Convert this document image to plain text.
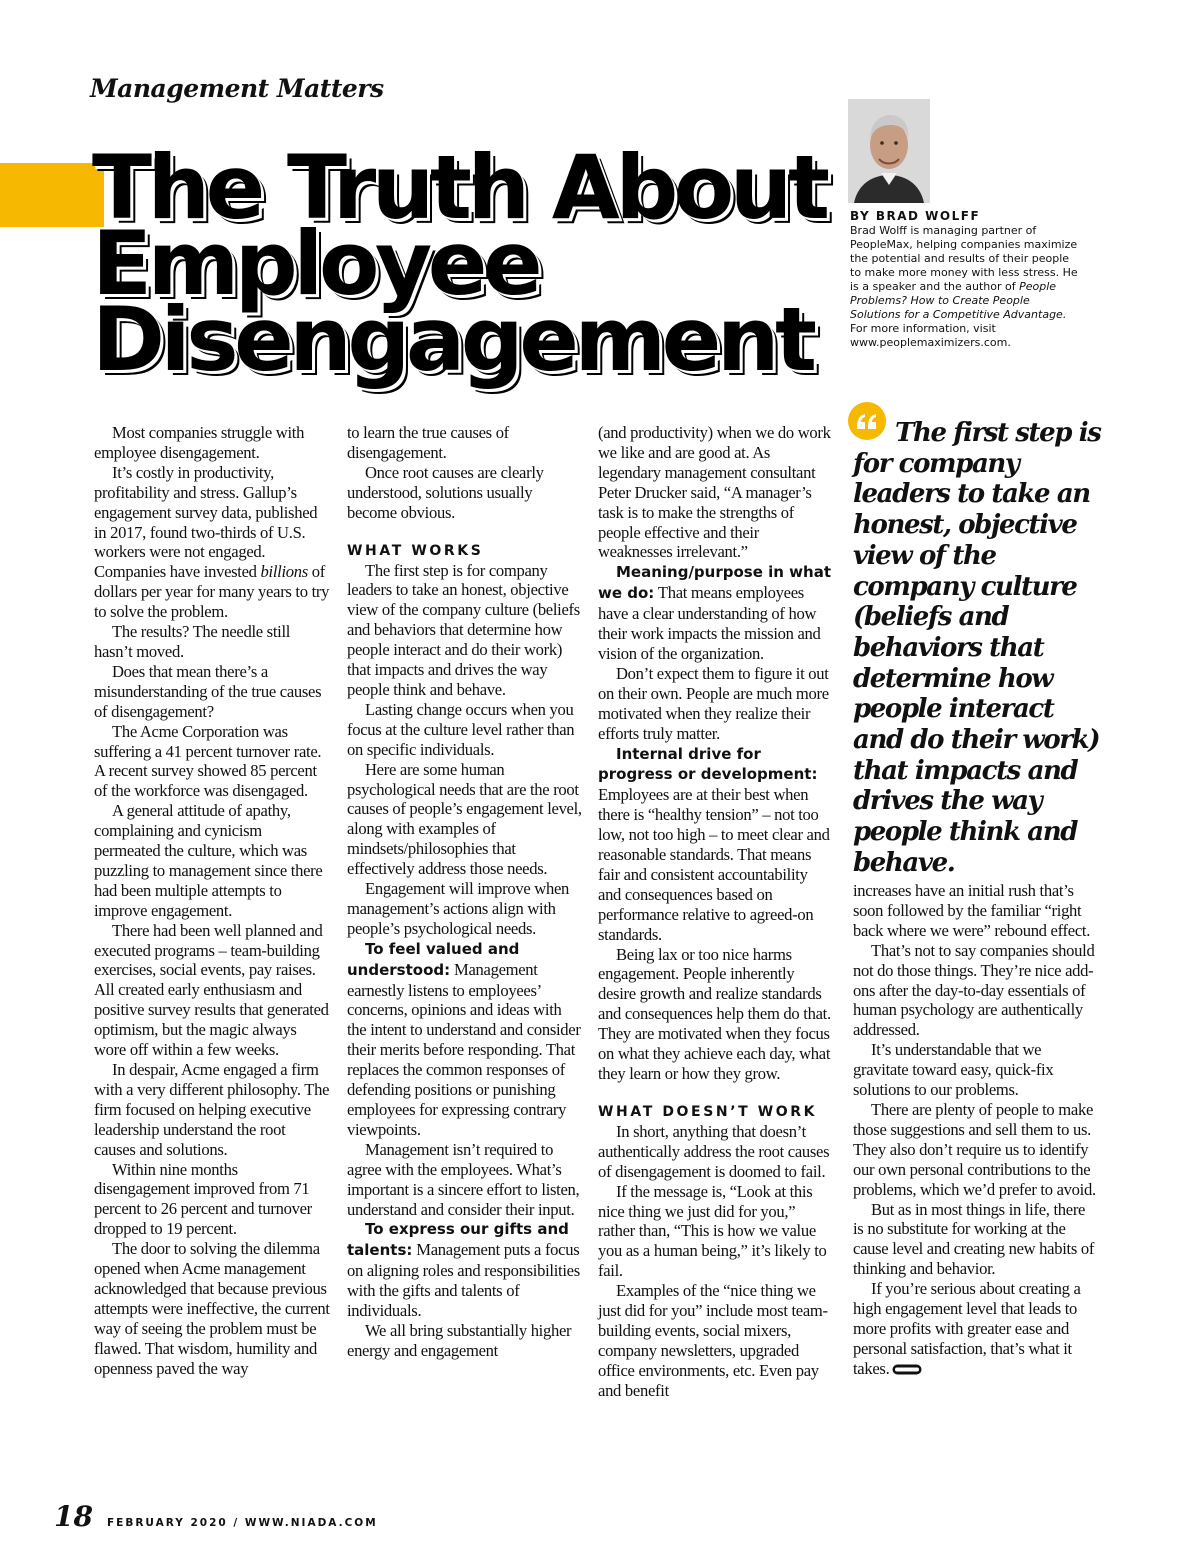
Management Matters
The Truth About
Employee
Disengagement
BY BRAD WOLFF

Brad Wolff is managing partner of PeopleMax, helping companies maximize the potential and results of their people to make more money with less stress. He is a speaker and the author of People Problems? How to Create People Solutions for a Competitive Advantage. For more information, visit www.peoplemaximizers.com.

The first step is for company leaders to take an honest, objective view of the company culture (beliefs and behaviors that determine how people interact and do their work) that impacts and drives the way people think and behave.

Most companies struggle with employee disengagement.

It’s costly in productivity, profitability and stress. Gallup’s engagement survey data, published in 2017, found two-thirds of U.S. workers were not engaged. Companies have invested billions of dollars per year for many years to try to solve the problem.

The results? The needle still hasn’t moved.

Does that mean there’s a misunderstanding of the true causes of disengagement?

The Acme Corporation was suffering a 41 percent turnover rate. A recent survey showed 85 percent of the workforce was disengaged.

A general attitude of apathy, complaining and cynicism permeated the culture, which was puzzling to management since there had been multiple attempts to improve engagement.

There had been well planned and executed programs – team-building exercises, social events, pay raises. All created early enthusiasm and positive survey results that generated optimism, but the magic always wore off within a few weeks.

In despair, Acme engaged a firm with a very different philosophy. The firm focused on helping executive leadership understand the root causes and solutions.

Within nine months disengagement improved from 71 percent to 26 percent and turnover dropped to 19 percent.

The door to solving the dilemma opened when Acme management acknowledged that because previous attempts were ineffective, the current way of seeing the problem must be flawed. That wisdom, humility and openness paved the way

to learn the true causes of disengagement.

Once root causes are clearly understood, solutions usually become obvious.

WHAT WORKS

The first step is for company leaders to take an honest, objective view of the company culture (beliefs and behaviors that determine how people interact and do their work) that impacts and drives the way people think and behave.

Lasting change occurs when you focus at the culture level rather than on specific individuals.

Here are some human psychological needs that are the root causes of people’s engagement level, along with examples of mindsets/philosophies that effectively address those needs.

Engagement will improve when management’s actions align with people’s psychological needs.

To feel valued and understood: Management earnestly listens to employees’ concerns, opinions and ideas with the intent to understand and consider their merits before responding. That replaces the common responses of defending positions or punishing employees for expressing contrary viewpoints.

Management isn’t required to agree with the employees. What’s important is a sincere effort to listen, understand and consider their input.

To express our gifts and talents: Management puts a focus on aligning roles and responsibilities with the gifts and talents of individuals.

We all bring substantially higher energy and engagement

(and productivity) when we do work we like and are good at. As legendary management consultant Peter Drucker said, “A manager’s task is to make the strengths of people effective and their weaknesses irrelevant.”

Meaning/purpose in what we do: That means employees have a clear understanding of how their work impacts the mission and vision of the organization.

Don’t expect them to figure it out on their own. People are much more motivated when they realize their efforts truly matter.

Internal drive for progress or development: Employees are at their best when there is “healthy tension” – not too low, not too high – to meet clear and reasonable standards. That means fair and consistent accountability and consequences based on performance relative to agreed-on standards.

Being lax or too nice harms engagement. People inherently desire growth and realize standards and consequences help them do that. They are motivated when they focus on what they achieve each day, what they learn or how they grow.

WHAT DOESN’T WORK

In short, anything that doesn’t authentically address the root causes of disengagement is doomed to fail.

If the message is, “Look at this nice thing we just did for you,” rather than, “This is how we value you as a human being,” it’s likely to fail.

Examples of the “nice thing we just did for you” include most team-building events, social mixers, company newsletters, upgraded office environments, etc. Even pay and benefit

increases have an initial rush that’s soon followed by the familiar “right back where we were” rebound effect.

That’s not to say companies should not do those things. They’re nice add-ons after the day-to-day essentials of human psychology are authentically addressed.

It’s understandable that we gravitate toward easy, quick-fix solutions to our problems.

There are plenty of people to make those suggestions and sell them to us. They also don’t require us to identify our own personal contributions to the problems, which we’d prefer to avoid.

But as in most things in life, there is no substitute for working at the cause level and creating new habits of thinking and behavior.

If you’re serious about creating a high engagement level that leads to more profits with greater ease and personal satisfaction, that’s what it takes.

18 FEBRUARY 2020 / WWW.NIADA.COM
